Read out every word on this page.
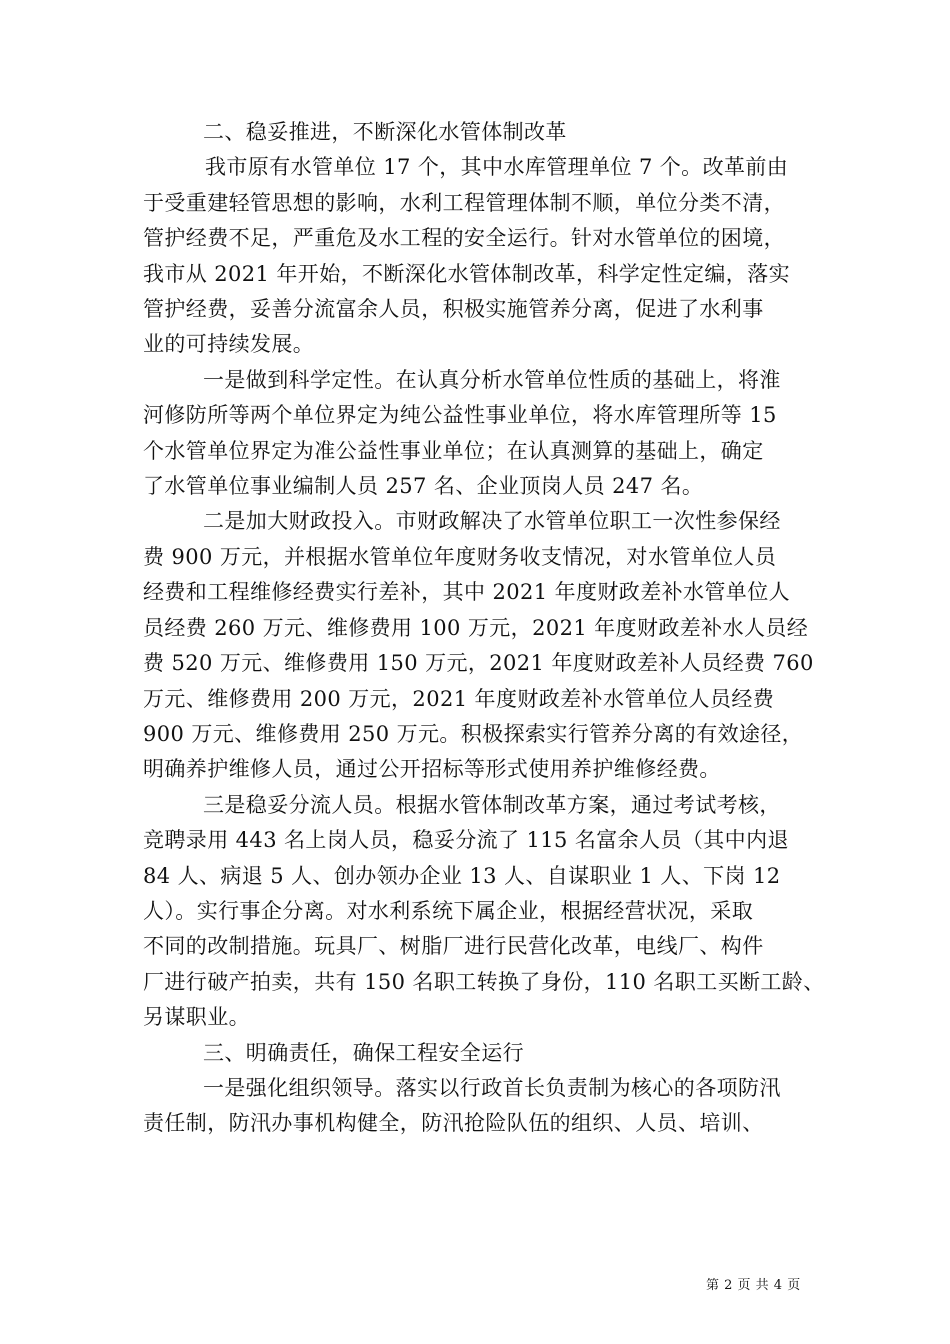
二、稳妥推进，不断深化水管体制改革

我市原有水管单位 17 个，其中水库管理单位 7 个。改革前由
于受重建轻管思想的影响，水利工程管理体制不顺，单位分类不清，
管护经费不足，严重危及水工程的安全运行。针对水管单位的困境，
我市从 2021 年开始，不断深化水管体制改革，科学定性定编，落实
管护经费，妥善分流富余人员，积极实施管养分离，促进了水利事
业的可持续发展。

一是做到科学定性。在认真分析水管单位性质的基础上，将淮
河修防所等两个单位界定为纯公益性事业单位，将水库管理所等 15
个水管单位界定为准公益性事业单位；在认真测算的基础上，确定
了水管单位事业编制人员 257 名、企业顶岗人员 247 名。

二是加大财政投入。市财政解决了水管单位职工一次性参保经
费 900 万元，并根据水管单位年度财务收支情况，对水管单位人员
经费和工程维修经费实行差补，其中 2021 年度财政差补水管单位人
员经费 260 万元、维修费用 100 万元，2021 年度财政差补水人员经
费 520 万元、维修费用 150 万元，2021 年度财政差补人员经费 760
万元、维修费用 200 万元，2021 年度财政差补水管单位人员经费
900 万元、维修费用 250 万元。积极探索实行管养分离的有效途径，
明确养护维修人员，通过公开招标等形式使用养护维修经费。

三是稳妥分流人员。根据水管体制改革方案，通过考试考核，
竞聘录用 443 名上岗人员，稳妥分流了 115 名富余人员（其中内退
84 人、病退 5 人、创办领办企业 13 人、自谋职业 1 人、下岗 12
人）。实行事企分离。对水利系统下属企业，根据经营状况，采取
不同的改制措施。玩具厂、树脂厂进行民营化改革，电线厂、构件
厂进行破产拍卖，共有 150 名职工转换了身份，110 名职工买断工龄、
另谋职业。

三、明确责任，确保工程安全运行

一是强化组织领导。落实以行政首长负责制为核心的各项防汛
责任制，防汛办事机构健全，防汛抢险队伍的组织、人员、培训、

第 2 页 共 4 页
